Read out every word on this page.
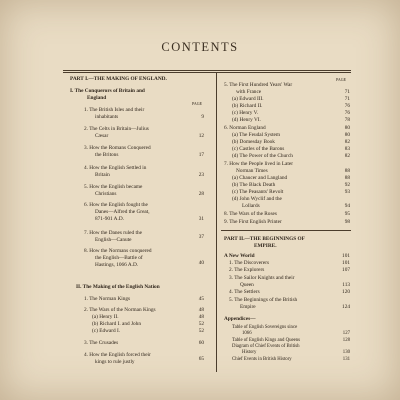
CONTENTS
PART I.—THE MAKING OF ENGLAND.
I. The Conquerors of Britain and
England
PAGE
1. The British Isles and their
inhabitants	9
2. The Celts in Britain—Julius
Cæsar	12
3. How the Romans Conquered
the Britons	17
4. How the English Settled in
Britain	23
5. How the English became
Christians	28
6. How the English fought the
Danes—Alfred the Great,
871-901 A.D.	31
7. How the Danes ruled the
English—Canute	37
8. How the Normans conquered
the English—Battle of
Hastings, 1066 A.D.	40
II. The Making of the English Nation
1. The Norman Kings	45
2. The Wars of the Norman Kings	48
(a) Henry II.	48
(b) Richard I. and John	52
(c) Edward I.	52
3. The Crusades	60
4. How the English forced their
kings to rule justly	65
PAGE
5. The First Hundred Years' War
with France	71
(a) Edward III.	71
(b) Richard II.	76
(c) Henry V.	76
(d) Henry VI.	78
6. Norman England	80
(a) The Feudal System	80
(b) Domesday Book	82
(c) Castles of the Barons	83
(d) The Power of the Church	82
7. How the People lived in Later
Norman Times	88
(a) Chaucer and Langland	88
(b) The Black Death	92
(c) The Peasants' Revolt	93
(d) John Wyclif and the
Lollards	94
8. The Wars of the Roses	95
9. The First English Printer	98
PART II.—THE BEGINNINGS OF
EMPIRE.
A New World	101
1. The Discoverers	101
2. The Explorers	107
3. The Sailor Knights and their
Queen	113
4. The Settlers	120
5. The Beginnings of the British
Empire	124
Appendices—
Table of English Sovereigns since
1066	127
Table of English Kings and Queens	128
Diagram of Chief Events of British
History	130
Chief Events in British History	131
